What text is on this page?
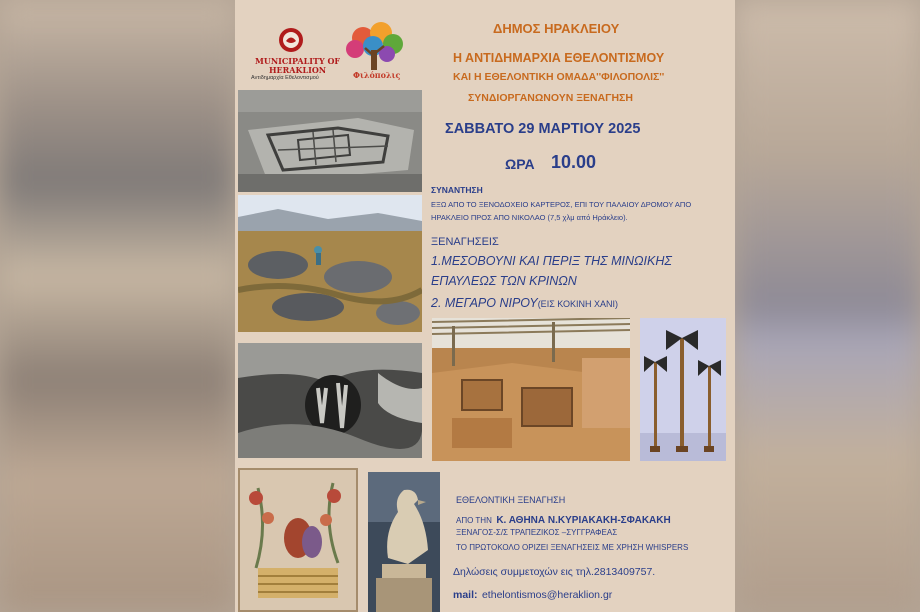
MUNICIPALITY OF

HERAKLION

Αντιδημαρχία Εθελοντισμού	Φιλόπολις

ΔΗΜΟΣ ΗΡΑΚΛΕΙΟΥ

Η ΑΝΤΙΔΗΜΑΡΧΙΑ ΕΘΕΛΟΝΤΙΣΜΟΥ

ΚΑΙ Η ΕΘΕΛΟΝΤΙΚΗ ΟΜΑΔΑ''ΦΙΛΟΠΟΛΙΣ''

ΣΥΝΔΙΟΡΓΑΝΩΝΟΥΝ ΞΕΝΑΓΗΣΗ

ΣΑΒΒΑΤΟ 29 ΜΑΡΤΙΟΥ 2025

ΩΡΑ 10.00

ΣΥΝΑΝΤΗΣΗ

ΕΞΩ ΑΠΟ ΤΟ ΞΕΝΟΔΟΧΕΙΟ ΚΑΡΤΕΡΟΣ, ΕΠΙ ΤΟΥ ΠΑΛΑΙΟΥ ΔΡΟΜΟΥ ΑΠΟ

ΗΡΑΚΛΕΙΟ ΠΡΟΣ ΑΠΟ ΝΙΚΟΛΑΟ (7,5 χλμ από Ηράκλειο).

ΞΕΝΑΓΗΣΕΙΣ

1.ΜΕΣΟΒΟΥΝΙ ΚΑΙ ΠΕΡΙΞ ΤΗΣ ΜΙΝΩΙΚΗΣ

ΕΠΑΥΛΕΩΣ ΤΩΝ ΚΡΙΝΩΝ

2. ΜΕΓΑΡΟ ΝΙΡΟΥ(ΕΙΣ ΚΟΚΙΝΗ ΧΑΝΙ)

ΕΘΕΛΟΝΤΙΚΗ ΞΕΝΑΓΗΣΗ

ΑΠΟ ΤΗΝ Κ. ΑΘΗΝΑ Ν.ΚΥΡΙΑΚΑΚΗ-ΣΦΑΚΑΚΗ

ΞΕΝΑΓΟΣ-Σ/Σ ΤΡΑΠΕΖΙΚΟΣ –ΣΥΓΓΡΑΦΕΑΣ

ΤΟ ΠΡΩΤΟΚΟΛΟ ΟΡΙΖΕΙ ΞΕΝΑΓΗΣΕΙΣ ΜΕ ΧΡΗΣΗ WHISPERS

Δηλώσεις συμμετοχών εις τηλ.2813409757.

mail: ethelontismos@heraklion.gr
